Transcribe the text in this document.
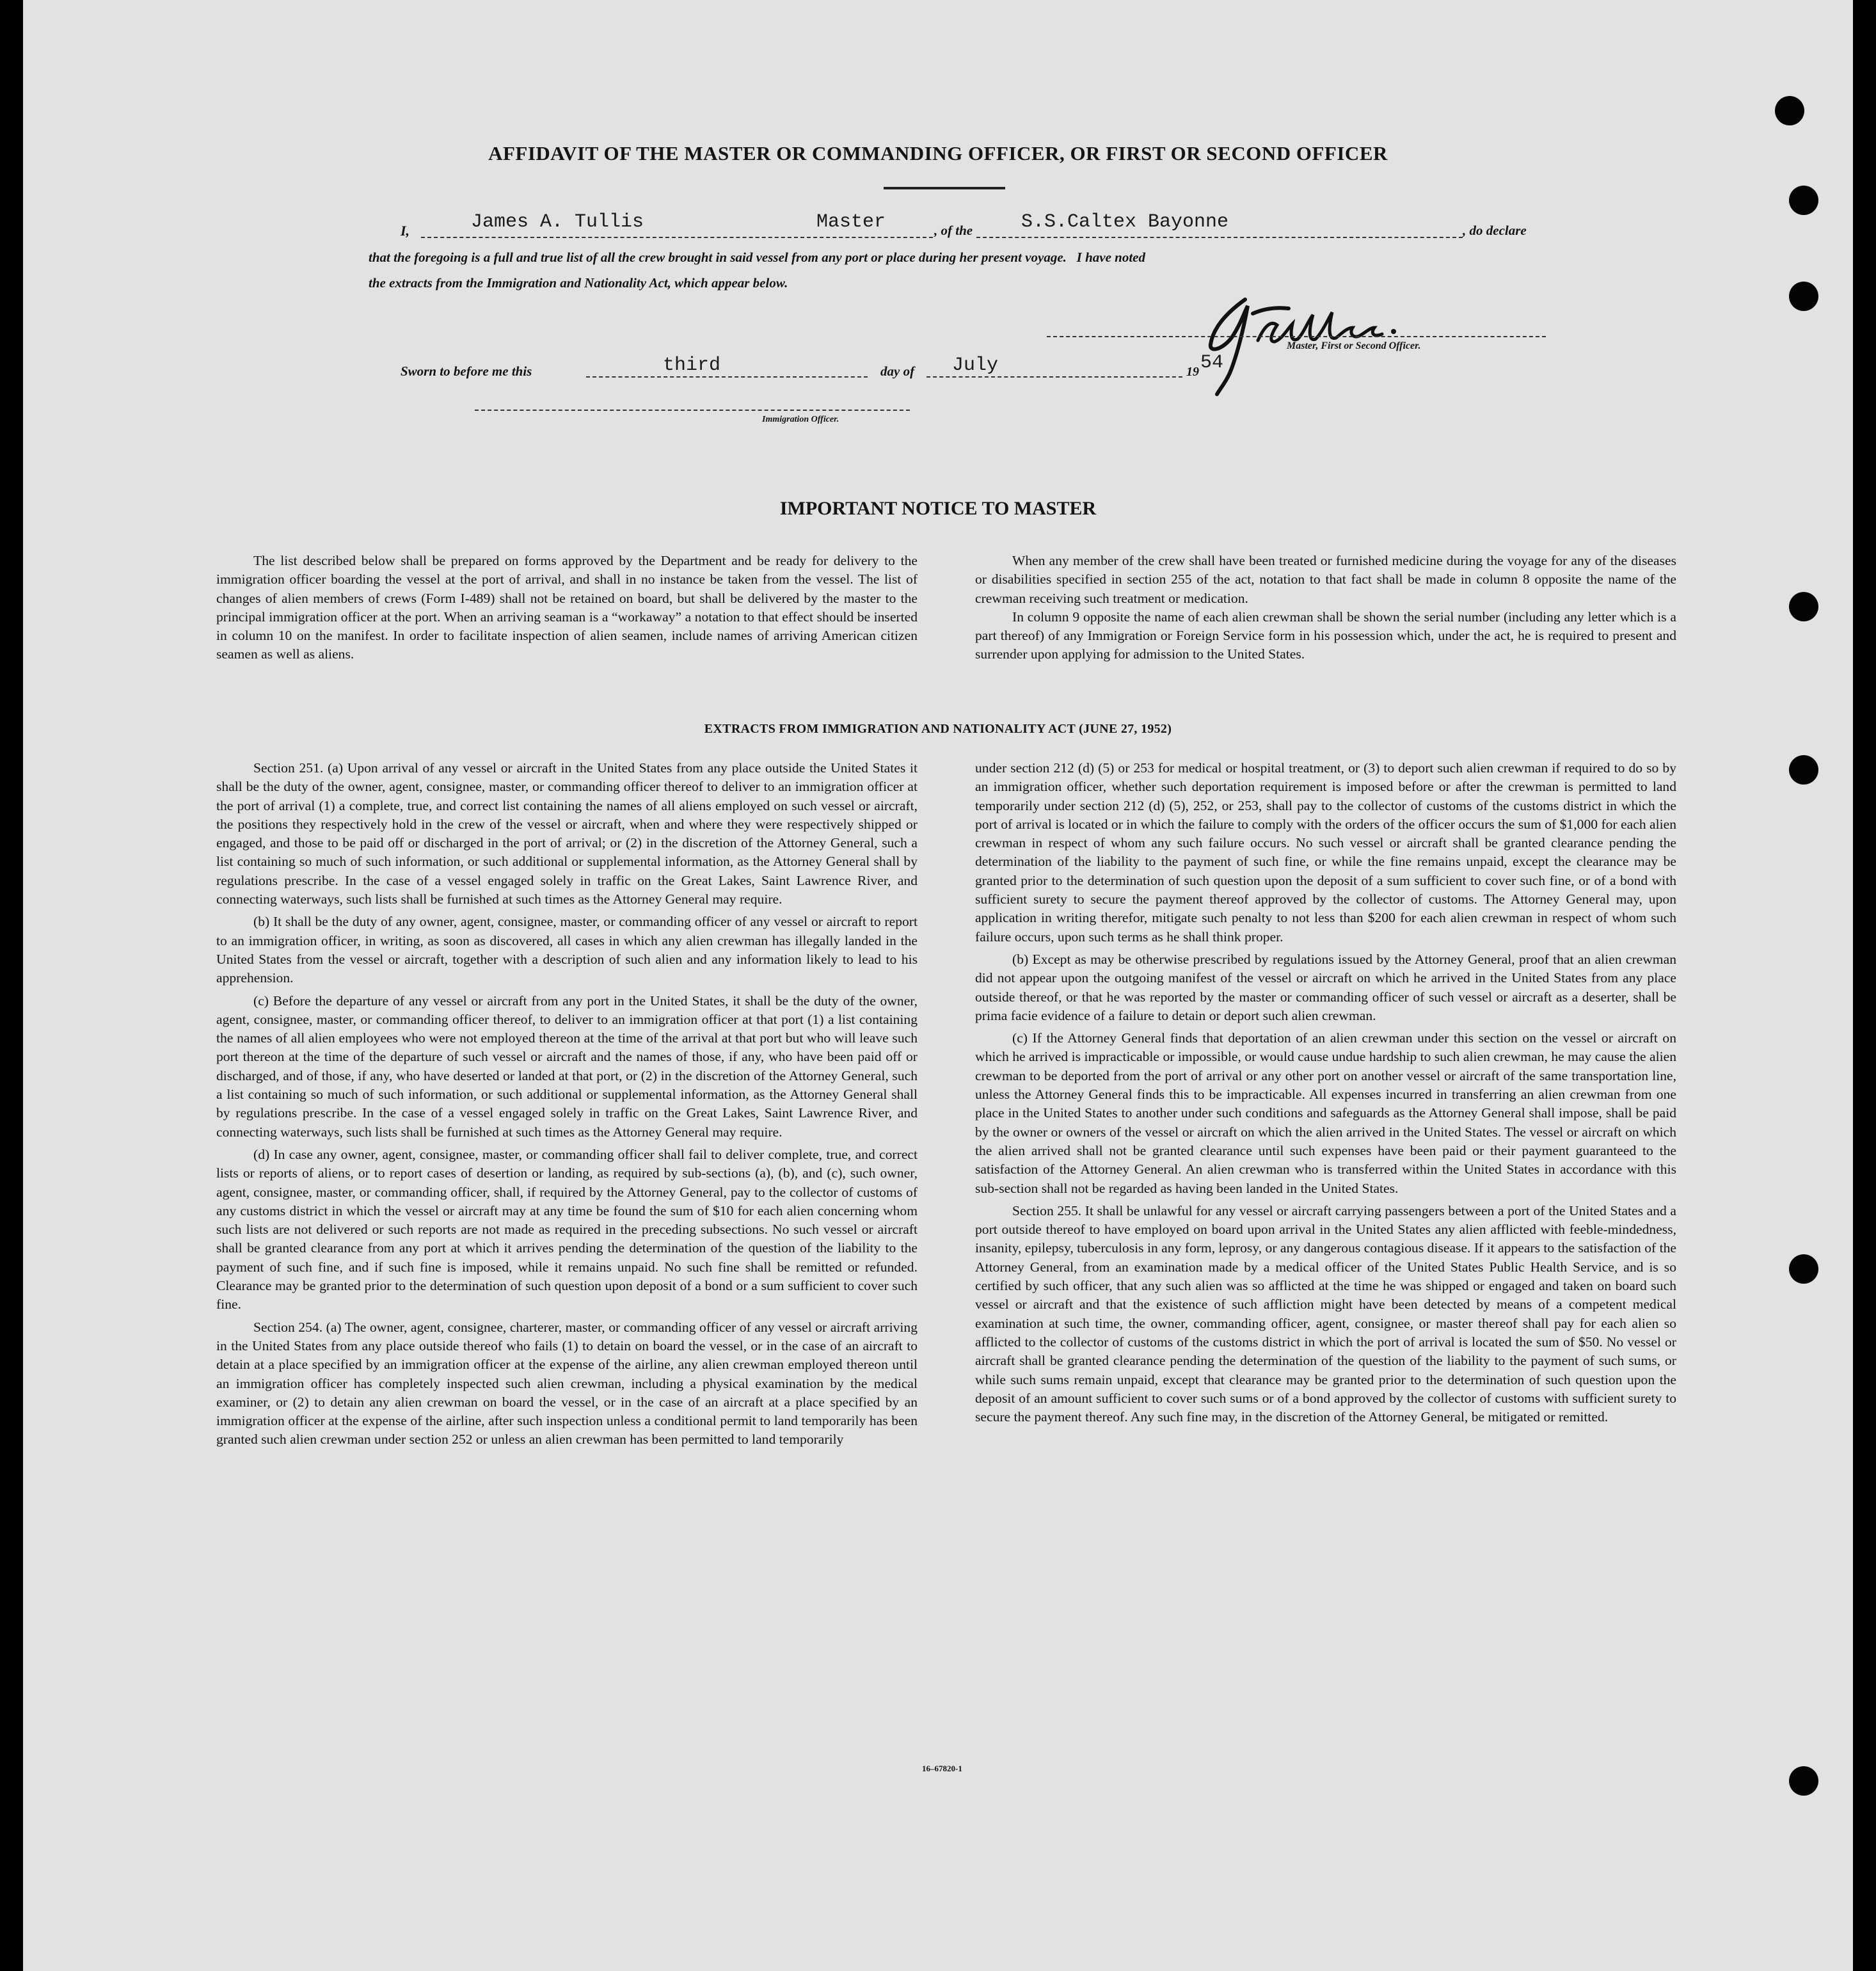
AFFIDAVIT OF THE MASTER OR COMMANDING OFFICER, OR FIRST OR SECOND OFFICER
I,	James A. Tullis	Master	, of the	S.S.Caltex Bayonne	, do declare
that the foregoing is a full and true list of all the crew brought in said vessel from any port or place during her present voyage.   I have noted
the extracts from the Immigration and Nationality Act, which appear below.
Master, First or Second Officer.
Sworn to before me this	third	day of July	19 54
Immigration Officer.
IMPORTANT NOTICE TO MASTER

The list described below shall be prepared on forms approved by the Department and be ready for delivery to the immigration officer boarding the vessel at the port of arrival, and shall in no instance be taken from the vessel. The list of changes of alien members of crews (Form I-489) shall not be retained on board, but shall be delivered by the master to the principal immigration officer at the port. When an arriving seaman is a “workaway” a notation to that effect should be inserted in column 10 on the manifest. In order to facilitate inspection of alien seamen, include names of arriving American citizen seamen as well as aliens.

When any member of the crew shall have been treated or furnished medicine during the voyage for any of the diseases or disabilities specified in section 255 of the act, notation to that fact shall be made in column 8 opposite the name of the crewman receiving such treatment or medication.

In column 9 opposite the name of each alien crewman shall be shown the serial number (including any letter which is a part thereof) of any Immigration or Foreign Service form in his possession which, under the act, he is required to present and surrender upon applying for admission to the United States.

EXTRACTS FROM IMMIGRATION AND NATIONALITY ACT (JUNE 27, 1952)

Section 251. (a) Upon arrival of any vessel or aircraft in the United States from any place outside the United States it shall be the duty of the owner, agent, consignee, master, or commanding officer thereof to deliver to an immigration officer at the port of arrival (1) a complete, true, and correct list containing the names of all aliens employed on such vessel or aircraft, the positions they respectively hold in the crew of the vessel or aircraft, when and where they were respectively shipped or engaged, and those to be paid off or discharged in the port of arrival; or (2) in the discretion of the Attorney General, such a list containing so much of such information, or such additional or supplemental information, as the Attorney General shall by regulations prescribe. In the case of a vessel engaged solely in traffic on the Great Lakes, Saint Lawrence River, and connecting waterways, such lists shall be furnished at such times as the Attorney General may require.

(b) It shall be the duty of any owner, agent, consignee, master, or commanding officer of any vessel or aircraft to report to an immigration officer, in writing, as soon as discovered, all cases in which any alien crewman has illegally landed in the United States from the vessel or aircraft, together with a description of such alien and any information likely to lead to his apprehension.

(c) Before the departure of any vessel or aircraft from any port in the United States, it shall be the duty of the owner, agent, consignee, master, or commanding officer thereof, to deliver to an immigration officer at that port (1) a list containing the names of all alien employees who were not employed thereon at the time of the arrival at that port but who will leave such port thereon at the time of the departure of such vessel or aircraft and the names of those, if any, who have been paid off or discharged, and of those, if any, who have deserted or landed at that port, or (2) in the discretion of the Attorney General, such a list containing so much of such information, or such additional or supplemental information, as the Attorney General shall by regulations prescribe. In the case of a vessel engaged solely in traffic on the Great Lakes, Saint Lawrence River, and connecting waterways, such lists shall be furnished at such times as the Attorney General may require.

(d) In case any owner, agent, consignee, master, or commanding officer shall fail to deliver complete, true, and correct lists or reports of aliens, or to report cases of desertion or landing, as required by sub-sections (a), (b), and (c), such owner, agent, consignee, master, or commanding officer, shall, if required by the Attorney General, pay to the collector of customs of any customs district in which the vessel or aircraft may at any time be found the sum of $10 for each alien concerning whom such lists are not delivered or such reports are not made as required in the preceding subsections. No such vessel or aircraft shall be granted clearance from any port at which it arrives pending the determination of the question of the liability to the payment of such fine, and if such fine is imposed, while it remains unpaid. No such fine shall be remitted or refunded. Clearance may be granted prior to the determination of such question upon deposit of a bond or a sum sufficient to cover such fine.

Section 254. (a) The owner, agent, consignee, charterer, master, or commanding officer of any vessel or aircraft arriving in the United States from any place outside thereof who fails (1) to detain on board the vessel, or in the case of an aircraft to detain at a place specified by an immigration officer at the expense of the airline, any alien crewman employed thereon until an immigration officer has completely inspected such alien crewman, including a physical examination by the medical examiner, or (2) to detain any alien crewman on board the vessel, or in the case of an aircraft at a place specified by an immigration officer at the expense of the airline, after such inspection unless a conditional permit to land temporarily has been granted such alien crewman under section 252 or unless an alien crewman has been permitted to land temporarily

under section 212 (d) (5) or 253 for medical or hospital treatment, or (3) to deport such alien crewman if required to do so by an immigration officer, whether such deportation requirement is imposed before or after the crewman is permitted to land temporarily under section 212 (d) (5), 252, or 253, shall pay to the collector of customs of the customs district in which the port of arrival is located or in which the failure to comply with the orders of the officer occurs the sum of $1,000 for each alien crewman in respect of whom any such failure occurs. No such vessel or aircraft shall be granted clearance pending the determination of the liability to the payment of such fine, or while the fine remains unpaid, except the clearance may be granted prior to the determination of such question upon the deposit of a sum sufficient to cover such fine, or of a bond with sufficient surety to secure the payment thereof approved by the collector of customs. The Attorney General may, upon application in writing therefor, mitigate such penalty to not less than $200 for each alien crewman in respect of whom such failure occurs, upon such terms as he shall think proper.

(b) Except as may be otherwise prescribed by regulations issued by the Attorney General, proof that an alien crewman did not appear upon the outgoing manifest of the vessel or aircraft on which he arrived in the United States from any place outside thereof, or that he was reported by the master or commanding officer of such vessel or aircraft as a deserter, shall be prima facie evidence of a failure to detain or deport such alien crewman.

(c) If the Attorney General finds that deportation of an alien crewman under this section on the vessel or aircraft on which he arrived is impracticable or impossible, or would cause undue hardship to such alien crewman, he may cause the alien crewman to be deported from the port of arrival or any other port on another vessel or aircraft of the same transportation line, unless the Attorney General finds this to be impracticable. All expenses incurred in transferring an alien crewman from one place in the United States to another under such conditions and safeguards as the Attorney General shall impose, shall be paid by the owner or owners of the vessel or aircraft on which the alien arrived in the United States. The vessel or aircraft on which the alien arrived shall not be granted clearance until such expenses have been paid or their payment guaranteed to the satisfaction of the Attorney General. An alien crewman who is transferred within the United States in accordance with this sub-section shall not be regarded as having been landed in the United States.

Section 255. It shall be unlawful for any vessel or aircraft carrying passengers between a port of the United States and a port outside thereof to have employed on board upon arrival in the United States any alien afflicted with feeble-mindedness, insanity, epilepsy, tuberculosis in any form, leprosy, or any dangerous contagious disease. If it appears to the satisfaction of the Attorney General, from an examination made by a medical officer of the United States Public Health Service, and is so certified by such officer, that any such alien was so afflicted at the time he was shipped or engaged and taken on board such vessel or aircraft and that the existence of such affliction might have been detected by means of a competent medical examination at such time, the owner, commanding officer, agent, consignee, or master thereof shall pay for each alien so afflicted to the collector of customs of the customs district in which the port of arrival is located the sum of $50. No vessel or aircraft shall be granted clearance pending the determination of the question of the liability to the payment of such sums, or while such sums remain unpaid, except that clearance may be granted prior to the determination of such question upon the deposit of an amount sufficient to cover such sums or of a bond approved by the collector of customs with sufficient surety to secure the payment thereof. Any such fine may, in the discretion of the Attorney General, be mitigated or remitted.

16–67820-1
